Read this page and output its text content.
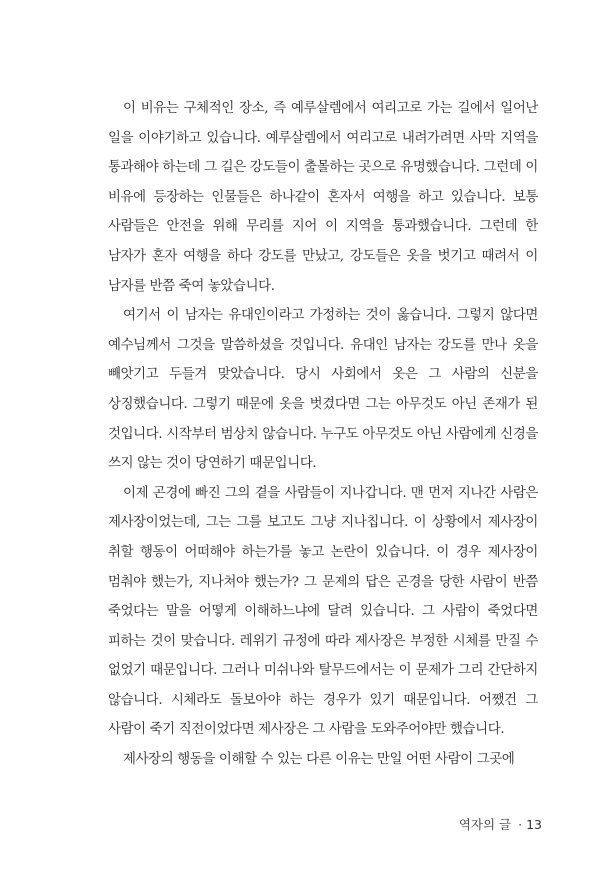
이 비유는 구체적인 장소, 즉 예루살렘에서 여리고로 가는 길에서 일어난 일을 이야기하고 있습니다. 예루살렘에서 여리고로 내려가려면 사막 지역을 통과해야 하는데 그 길은 강도들이 출몰하는 곳으로 유명했습니다. 그런데 이 비유에 등장하는 인물들은 하나같이 혼자서 여행을 하고 있습니다. 보통 사람들은 안전을 위해 무리를 지어 이 지역을 통과했습니다. 그런데 한 남자가 혼자 여행을 하다 강도를 만났고, 강도들은 옷을 벗기고 때려서 이 남자를 반쯤 죽여 놓았습니다.

여기서 이 남자는 유대인이라고 가정하는 것이 옳습니다. 그렇지 않다면 예수님께서 그것을 말씀하셨을 것입니다. 유대인 남자는 강도를 만나 옷을 빼앗기고 두들겨 맞았습니다. 당시 사회에서 옷은 그 사람의 신분을 상징했습니다. 그렇기 때문에 옷을 벗겼다면 그는 아무것도 아닌 존재가 된 것입니다. 시작부터 범상치 않습니다. 누구도 아무것도 아닌 사람에게 신경을 쓰지 않는 것이 당연하기 때문입니다.

이제 곤경에 빠진 그의 곁을 사람들이 지나갑니다. 맨 먼저 지나간 사람은 제사장이었는데, 그는 그를 보고도 그냥 지나칩니다. 이 상황에서 제사장이 취할 행동이 어떠해야 하는가를 놓고 논란이 있습니다. 이 경우 제사장이 멈춰야 했는가, 지나쳐야 했는가? 그 문제의 답은 곤경을 당한 사람이 반쯤 죽었다는 말을 어떻게 이해하느냐에 달려 있습니다. 그 사람이 죽었다면 피하는 것이 맞습니다. 레위기 규정에 따라 제사장은 부정한 시체를 만질 수 없었기 때문입니다. 그러나 미쉬나와 탈무드에서는 이 문제가 그리 간단하지 않습니다. 시체라도 돌보아야 하는 경우가 있기 때문입니다. 어쨌건 그 사람이 죽기 직전이었다면 제사장은 그 사람을 도와주어야만 했습니다.

제사장의 행동을 이해할 수 있는 다른 이유는 만일 어떤 사람이 그곳에

역자의 글 · 13
